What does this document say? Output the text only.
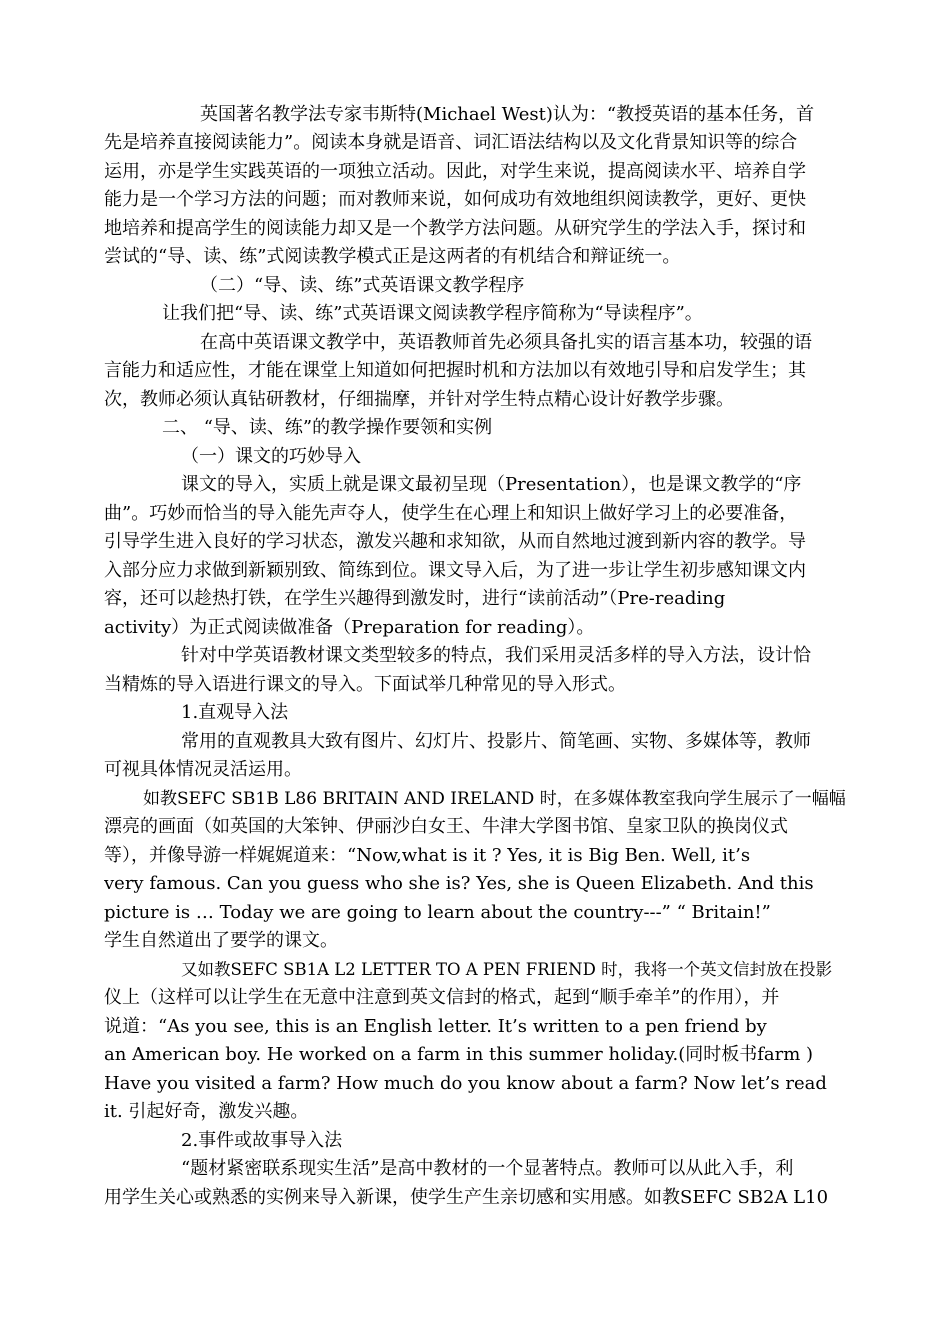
英国著名教学法专家韦斯特(Michael West)认为：“教授英语的基本任务，首
先是培养直接阅读能力”。阅读本身就是语音、词汇语法结构以及文化背景知识等的综合
运用，亦是学生实践英语的一项独立活动。因此，对学生来说，提高阅读水平、培养自学
能力是一个学习方法的问题；而对教师来说，如何成功有效地组织阅读教学，更好、更快
地培养和提高学生的阅读能力却又是一个教学方法问题。从研究学生的学法入手，探讨和
尝试的“导、读、练”式阅读教学模式正是这两者的有机结合和辩证统一。
（二）“导、读、练”式英语课文教学程序
让我们把“导、读、练”式英语课文阅读教学程序简称为“导读程序”。
在高中英语课文教学中，英语教师首先必须具备扎实的语言基本功，较强的语
言能力和适应性，才能在课堂上知道如何把握时机和方法加以有效地引导和启发学生；其
次，教师必须认真钻研教材，仔细揣摩，并针对学生特点精心设计好教学步骤。
二、 “导、读、练”的教学操作要领和实例
（一）课文的巧妙导入
课文的导入，实质上就是课文最初呈现（Presentation），也是课文教学的“序
曲”。巧妙而恰当的导入能先声夺人，使学生在心理上和知识上做好学习上的必要准备，
引导学生进入良好的学习状态，激发兴趣和求知欲，从而自然地过渡到新内容的教学。导
入部分应力求做到新颖别致、简练到位。课文导入后，为了进一步让学生初步感知课文内
容，还可以趁热打铁，在学生兴趣得到激发时，进行“读前活动”（Pre-reading
activity）为正式阅读做准备（Preparation for reading）。
针对中学英语教材课文类型较多的特点，我们采用灵活多样的导入方法，设计恰
当精炼的导入语进行课文的导入。下面试举几种常见的导入形式。
1.直观导入法
常用的直观教具大致有图片、幻灯片、投影片、简笔画、实物、多媒体等，教师
可视具体情况灵活运用。
如教SEFC SB1B L86 BRITAIN AND IRELAND 时，在多媒体教室我向学生展示了一幅幅
漂亮的画面（如英国的大笨钟、伊丽沙白女王、牛津大学图书馆、皇家卫队的换岗仪式
等），并像导游一样娓娓道来：“Now,what is it ? Yes, it is Big Ben. Well, it’s
very famous. Can you guess who she is? Yes, she is Queen Elizabeth. And this
picture is … Today we are going to learn about the country---” “ Britain!”
学生自然道出了要学的课文。
又如教SEFC SB1A L2 LETTER TO A PEN FRIEND 时，我将一个英文信封放在投影
仪上（这样可以让学生在无意中注意到英文信封的格式，起到“顺手牵羊”的作用），并
说道：“As you see, this is an English letter. It’s written to a pen friend by
an American boy. He worked on a farm in this summer holiday.(同时板书farm )
Have you visited a farm? How much do you know about a farm? Now let’s read
it. 引起好奇，激发兴趣。
2.事件或故事导入法
“题材紧密联系现实生活”是高中教材的一个显著特点。教师可以从此入手，利
用学生关心或熟悉的实例来导入新课，使学生产生亲切感和实用感。如教SEFC SB2A L10
